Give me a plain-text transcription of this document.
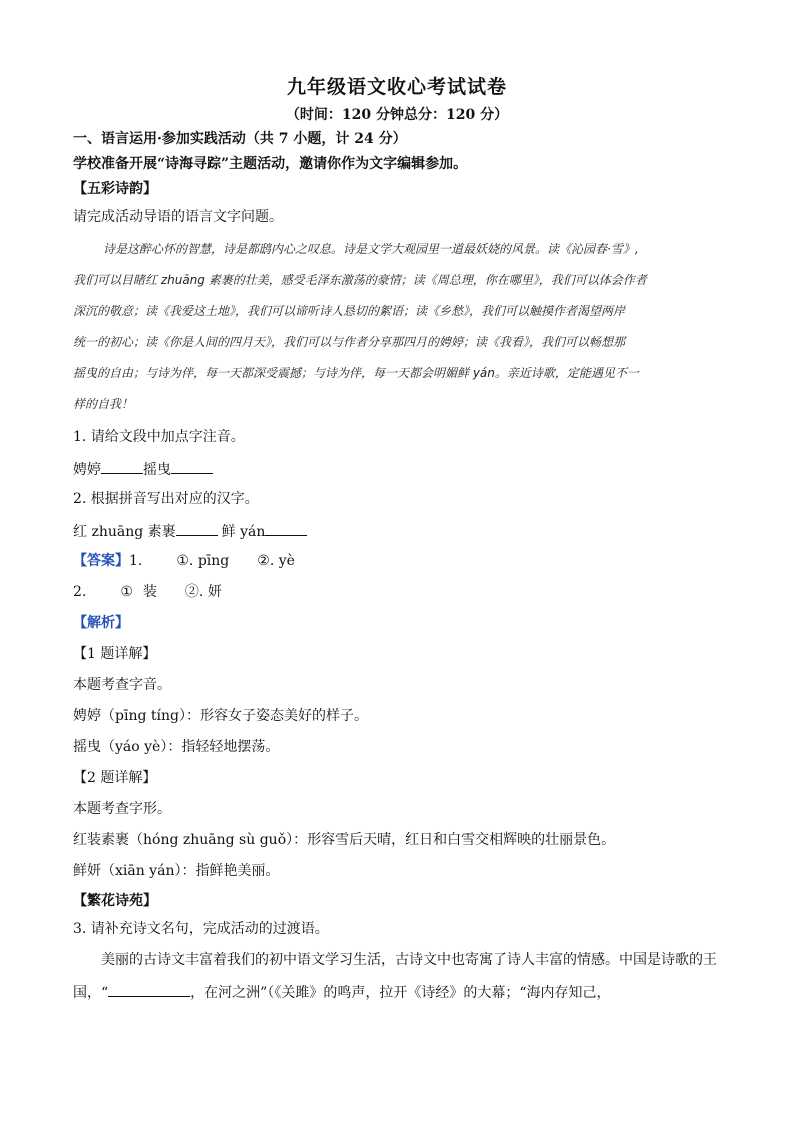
九年级语文收心考试试卷
（时间：120 分钟总分：120 分）
一、语言运用·参加实践活动（共 7 小题，计 24 分）
学校准备开展“诗海寻踪”主题活动，邀请你作为文字编辑参加。
【五彩诗韵】
请完成活动导语的语言文字问题。
诗是这醉心怀的智慧，诗是都鸱内心之叹息。诗是文学大观园里一道最妖娆的风景。读《沁园春·雪》,
我们可以目睹红 zhuāng 素裹的壮美，感受毛泽东激荡的豪情；读《周总理，你在哪里》，我们可以体会作者
深沉的敬意；读《我爱这土地》，我们可以谛听诗人恳切的絮语；读《乡愁》，我们可以触摸作者渴望两岸
统一的初心；读《你是人间的四月天》，我们可以与作者分享那四月的娉婷；读《我看》，我们可以畅想那
摇曳的自由；与诗为伴，每一天都深受震撼；与诗为伴，每一天都会明媚鲜 yán。亲近诗歌，定能遇见不一
样的自我！
1. 请给文段中加点字注音。
娉婷	摇曳
2. 根据拼音写出对应的汉字。
红 zhuāng 素裹	鲜 yán
【答案】1. ①. pīng ②. yè
2. ① 装 ②. 妍
【解析】
【1 题详解】
本题考查字音。
娉婷（pīng tíng）：形容女子姿态美好的样子。
摇曳（yáo yè）：指轻轻地摆荡。
【2 题详解】
本题考查字形。
红装素裹（hóng zhuāng sù guǒ）：形容雪后天晴，红日和白雪交相辉映的壮丽景色。
鲜妍（xiān yán）：指鲜艳美丽。
【繁花诗苑】
3. 请补充诗文名句，完成活动的过渡语。
美丽的古诗文丰富着我们的初中语文学习生活，古诗文中也寄寓了诗人丰富的情感。中国是诗歌的王
国，“	，在河之洲”（《关雎》的鸣声，拉开《诗经》的大幕；“海内存知己，
